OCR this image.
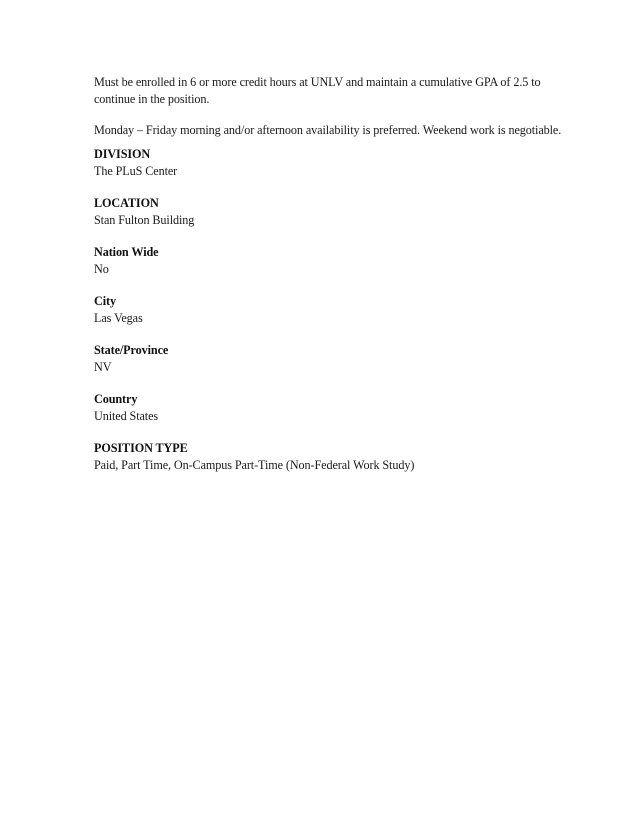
Must be enrolled in 6 or more credit hours at UNLV and maintain a cumulative GPA of 2.5 to continue in the position.

Monday – Friday morning and/or afternoon availability is preferred. Weekend work is negotiable.

DIVISION
The PLuS Center
LOCATION
Stan Fulton Building
Nation Wide
No
City
Las Vegas
State/Province
NV
Country
United States
POSITION TYPE
Paid, Part Time, On-Campus Part-Time (Non-Federal Work Study)
